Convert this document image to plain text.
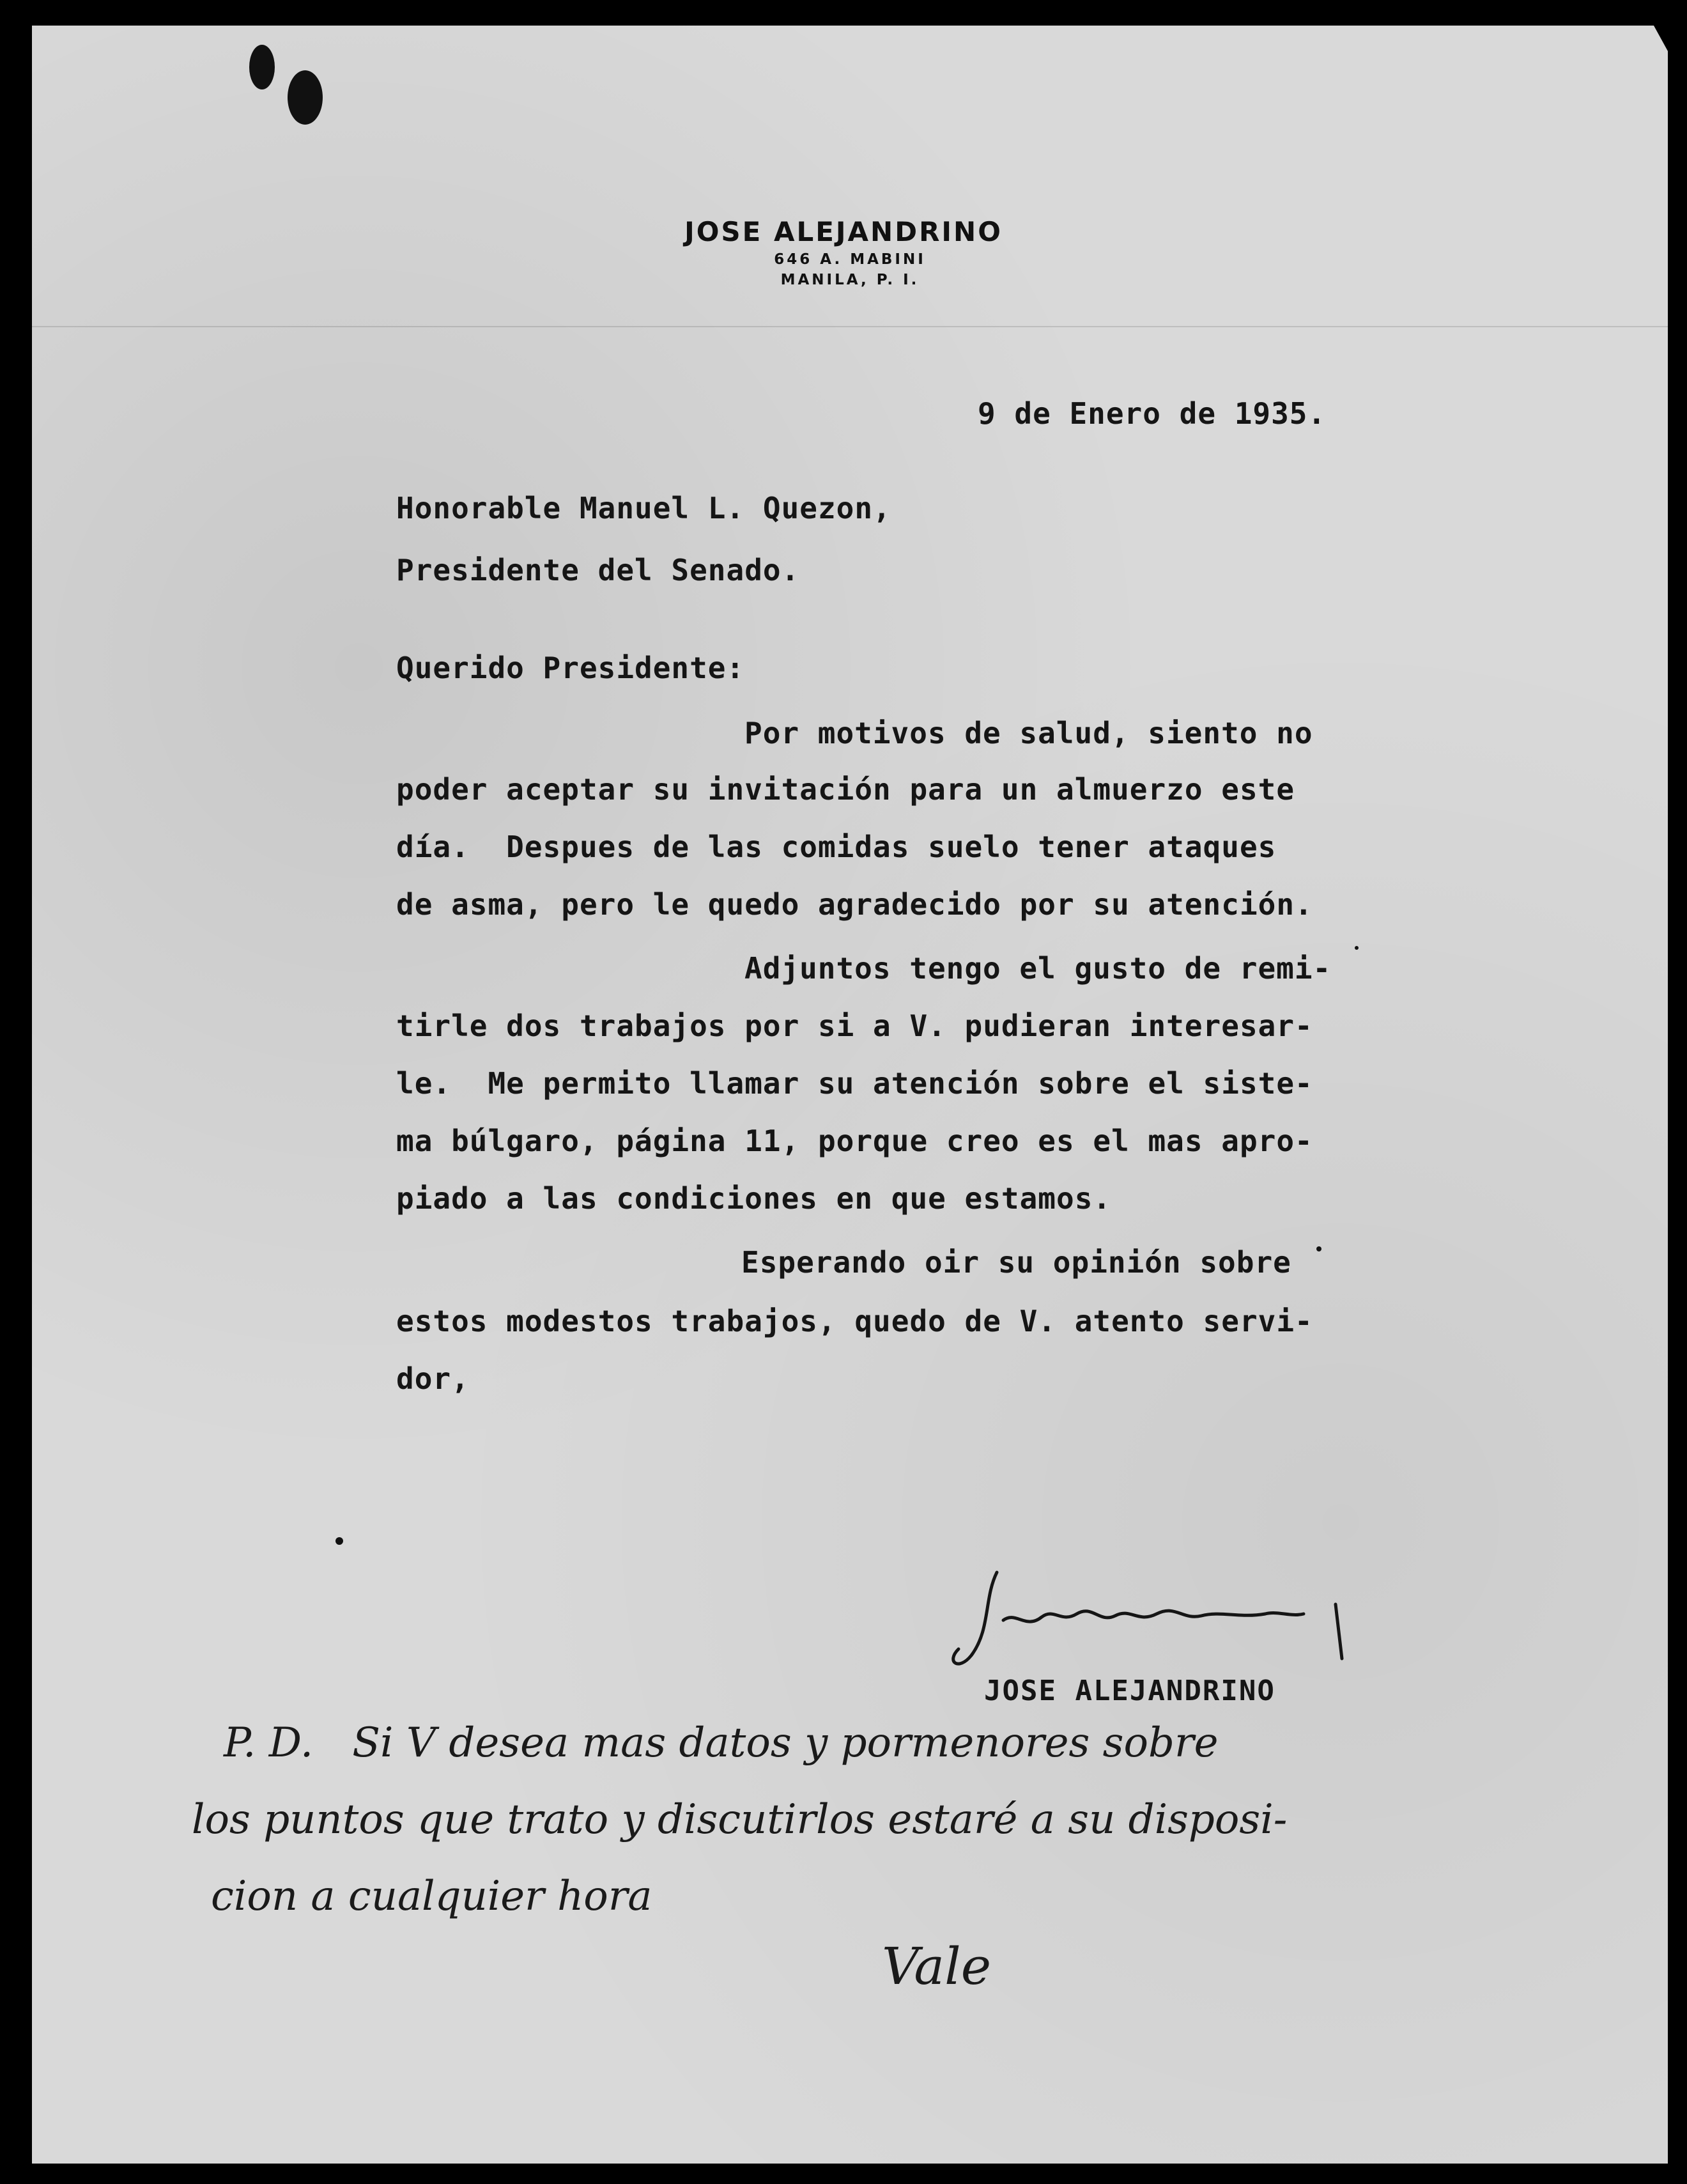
JOSE ALEJANDRINO
646 A. MABINI
MANILA, P. I.
9 de Enero de 1935.
Honorable Manuel L. Quezon,
Presidente del Senado.
Querido Presidente:
Por motivos de salud, siento no
poder aceptar su invitación para un almuerzo este
día.  Despues de las comidas suelo tener ataques
de asma, pero le quedo agradecido por su atención.
Adjuntos tengo el gusto de remi-
tirle dos trabajos por si a V. pudieran interesar-
le.  Me permito llamar su atención sobre el siste-
ma búlgaro, página 11, porque creo es el mas apro-
piado a las condiciones en que estamos.
Esperando oir su opinión sobre
estos modestos trabajos, quedo de V. atento servi-
dor,
JOSE ALEJANDRINO
P. D.   Si V desea mas datos y pormenores sobre
los puntos que trato y discutirlos estaré a su disposi-
cion a cualquier hora
Vale
